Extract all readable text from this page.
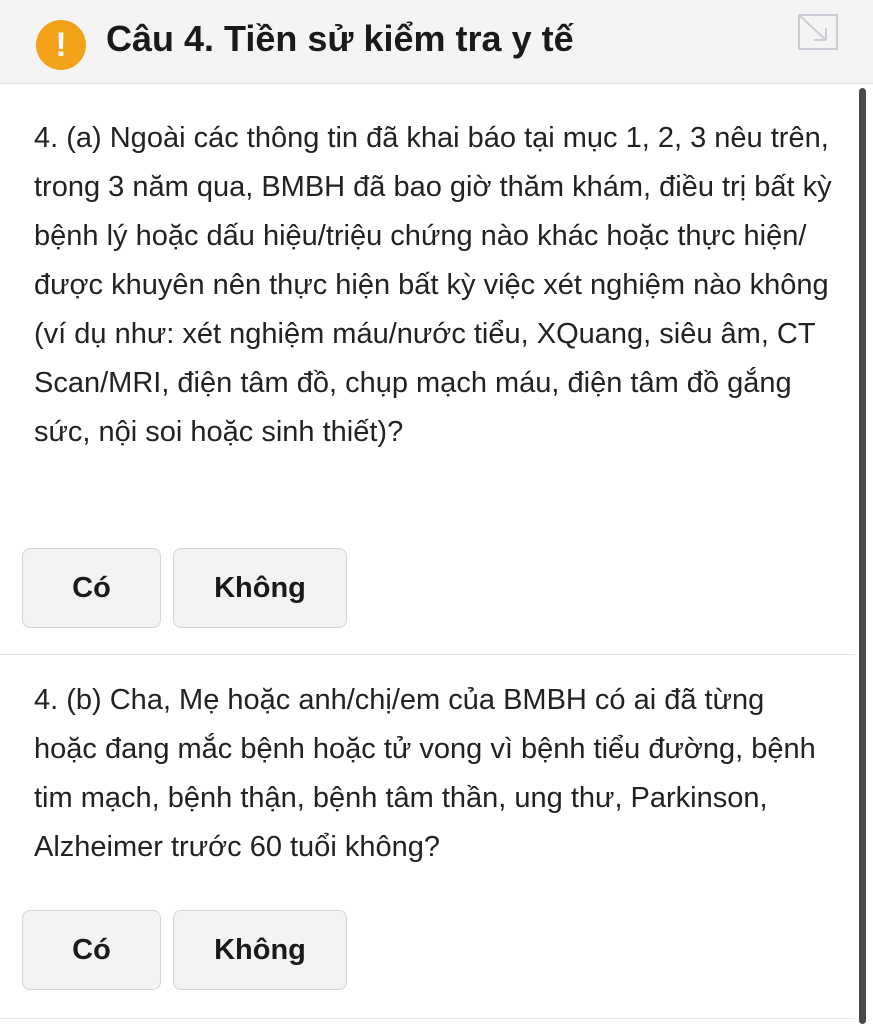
!	Câu 4. Tiền sử kiểm tra y tế
4. (a) Ngoài các thông tin đã khai báo tại mục 1, 2, 3 nêu trên, trong 3 năm qua, BMBH đã bao giờ thăm khám, điều trị bất kỳ bệnh lý hoặc dấu hiệu/triệu chứng nào khác hoặc thực hiện/được khuyên nên thực hiện bất kỳ việc xét nghiệm nào không (ví dụ như: xét nghiệm máu/nước tiểu, XQuang, siêu âm, CT Scan/MRI, điện tâm đồ, chụp mạch máu, điện tâm đồ gắng sức, nội soi hoặc sinh thiết)?
Có	Không
4. (b) Cha, Mẹ hoặc anh/chị/em của BMBH có ai đã từng hoặc đang mắc bệnh hoặc tử vong vì bệnh tiểu đường, bệnh tim mạch, bệnh thận, bệnh tâm thần, ung thư, Parkinson, Alzheimer trước 60 tuổi không?
Có	Không
